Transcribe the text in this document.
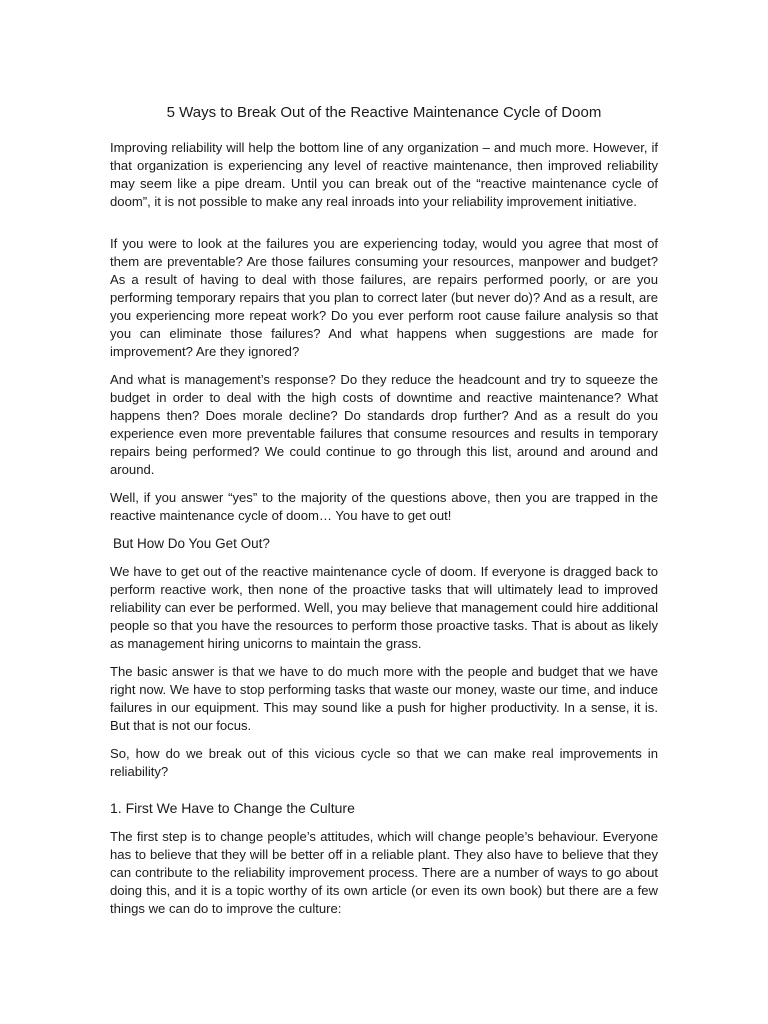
5 Ways to Break Out of the Reactive Maintenance Cycle of Doom

Improving reliability will help the bottom line of any organization – and much more. However, if that organization is experiencing any level of reactive maintenance, then improved reliability may seem like a pipe dream. Until you can break out of the “reactive maintenance cycle of doom”, it is not possible to make any real inroads into your reliability improvement initiative.

If you were to look at the failures you are experiencing today, would you agree that most of them are preventable? Are those failures consuming your resources, manpower and budget? As a result of having to deal with those failures, are repairs performed poorly, or are you performing temporary repairs that you plan to correct later (but never do)? And as a result, are you experiencing more repeat work? Do you ever perform root cause failure analysis so that you can eliminate those failures? And what happens when suggestions are made for improvement? Are they ignored?

And what is management’s response? Do they reduce the headcount and try to squeeze the budget in order to deal with the high costs of downtime and reactive maintenance? What happens then? Does morale decline? Do standards drop further? And as a result do you experience even more preventable failures that consume resources and results in temporary repairs being performed? We could continue to go through this list, around and around and around.

Well, if you answer “yes” to the majority of the questions above, then you are trapped in the reactive maintenance cycle of doom… You have to get out!

But How Do You Get Out?

We have to get out of the reactive maintenance cycle of doom. If everyone is dragged back to perform reactive work, then none of the proactive tasks that will ultimately lead to improved reliability can ever be performed. Well, you may believe that management could hire additional people so that you have the resources to perform those proactive tasks. That is about as likely as management hiring unicorns to maintain the grass.

The basic answer is that we have to do much more with the people and budget that we have right now. We have to stop performing tasks that waste our money, waste our time, and induce failures in our equipment. This may sound like a push for higher productivity. In a sense, it is. But that is not our focus.

So, how do we break out of this vicious cycle so that we can make real improvements in reliability?

1. First We Have to Change the Culture

The first step is to change people’s attitudes, which will change people’s behaviour. Everyone has to believe that they will be better off in a reliable plant. They also have to believe that they can contribute to the reliability improvement process. There are a number of ways to go about doing this, and it is a topic worthy of its own article (or even its own book) but there are a few things we can do to improve the culture:
